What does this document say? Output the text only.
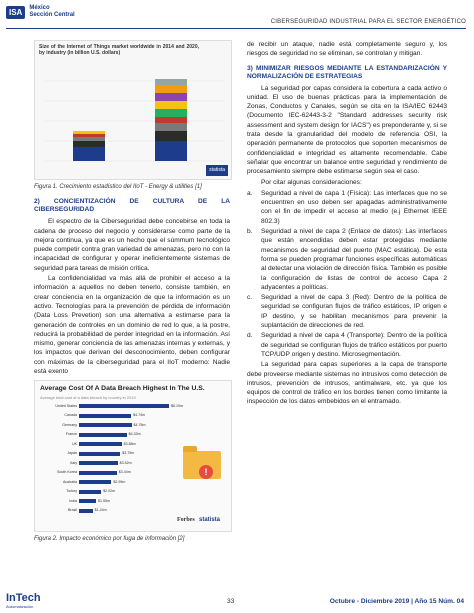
ISA	México
Sección Central
CIBERSEGURIDAD INDUSTRIAL PARA EL SECTOR ENERGÉTICO
Size of the Internet of Things market worldwide in 2014 and 2020, by industry (in billion U.S. dollars)
statista
Figura 1. Crecimiento estadístico del IIoT - Energy & utilities [1]
2) CONCIENTIZACIÓN DE CULTURA DE LA CIBERSEGURIDAD

El espectro de la Ciberseguridad debe concebirse en toda la cadena de proceso del negocio y considerarse como parte de la mejora continua, ya que es un hecho que el súmmum tecnológico puede competir contra gran variedad de amenazas, pero no con la incapacidad de configurar y operar ineficientemente sistemas de seguridad para tareas de misión crítica.

La confidencialidad va más allá de prohibir el acceso a la información a aquellos no deben tenerlo, consiste también, en crear conciencia en la organización de que la información es un activo. Tecnologías para la prevención de pérdida de información (Data Loss Prevetion) son una alternativa a estimarse para la generación de controles en un dominio de red lo que, a la postre, reducirá la probabilidad de perder integridad en la información. Así mismo, generar conciencia de las amenazas internas y externas, y los impactos que derivan del desconocimiento, deben configurar con máximas de la ciberseguridad para el IIoT moderno: Nadie está exento

Average Cost Of A Data Breach Highest In The U.S.
Average total cost of a data breach by country in 2019
!
Forbes statista
United States	$8.19m
Canada	$4.74m
Germany	$4.78m
France	$4.33m
UK	$3.88m
Japan	$3.75m
Italy	$3.52m
South Korea	$3.44m
Australia	$2.95m
Turkey	$2.02m
India	$1.55m
Brazil	$1.24m
Figura 2. Impacto económico por fuga de información [2]

de recibir un ataque, nadie está completamente seguro y, los riesgos de seguridad no se eliminan, se controlan y mitigan.

3) MINIMIZAR RIESGOS MEDIANTE LA ESTANDARIZACIÓN Y NORMALIZACIÓN DE ESTRATEGIAS

La seguridad por capas considera la cobertura a cada activo o unidad. El uso de buenas prácticas para la implementación de Zonas, Conductos y Canales, según se cita en la ISA/IEC 62443 (Documento IEC-62443-3-2 "Standard addresses security risk assessment and system design for IACS") es preponderante y, si se trata desde la granularidad del modelo de referencia OSI, la operación permanente de protocolos que soporten mecanismos de confidencialidad e integridad es altamente recomendable. Cabe señalar que encontrar un balance entre seguridad y rendimiento de procesamiento siempre debe estimarse según sea el caso.

Por citar algunas consideraciones:

a. Seguridad a nivel de capa 1 (Física): Las interfaces que no se encuentren en uso deben ser apagadas administrativamente con el fin de impedir el acceso al medio (e.j Ethernet IEEE 802.3)
b. Seguridad a nivel de capa 2 (Enlace de datos): Las interfaces que están encendidas deben estar protegidas mediante mecanismos de seguridad del puerto (MAC estática). De esta forma se pueden programar funciones específicas automáticas al detectar una violación de dirección física. También es posible la configuración de listas de control de acceso Capa 2 adyacentes a políticas.
c. Seguridad a nivel de capa 3 (Red): Dentro de la política de seguridad se configuran flujos de tráfico estáticos, IP origen e IP destino, y se habilitan mecanismos para prevenir la suplantación de direcciones de red.
d. Seguridad a nivel de capa 4 (Transporte): Dentro de la política de seguridad se configuran flujos de tráfico estáticos por puerto TCP/UDP origen y destino. Microsegmentación.

La seguridad para capas superiores a la capa de transporte debe proveerse mediante sistemas no intrusivos como detección de intrusos, prevención de intrusos, antimalware, etc. ya que los equipos de control de tráfico en los bordes tienen como limitante la inspección de los datos embebidos en el entramado.

InTech
Automatización
33	Octubre - Diciembre 2019 | Año 15 Núm. 04
